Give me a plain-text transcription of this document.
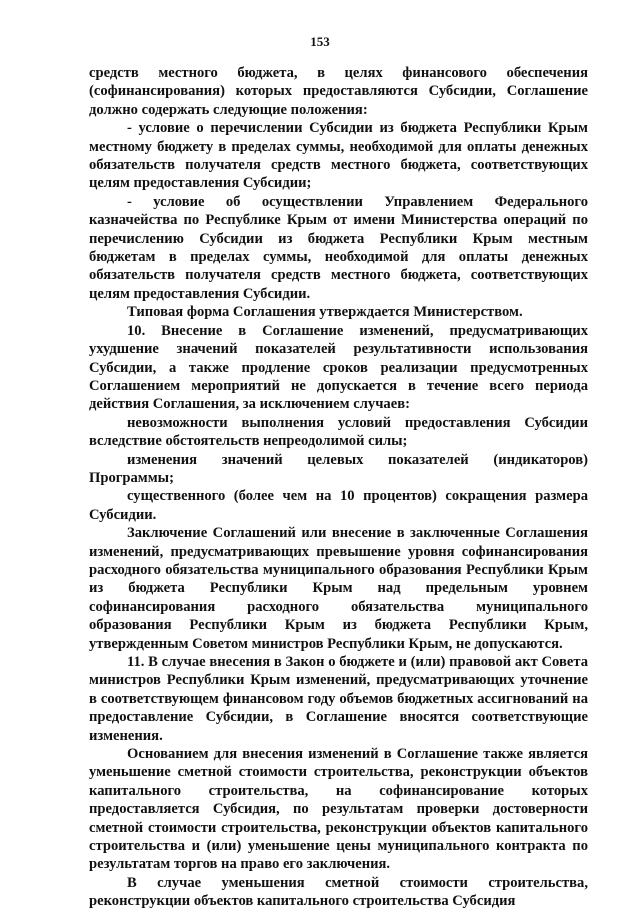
153

средств местного бюджета, в целях финансового обеспечения (софинансирования) которых предоставляются Субсидии, Соглашение должно содержать следующие положения:

- условие о перечислении Субсидии из бюджета Республики Крым местному бюджету в пределах суммы, необходимой для оплаты денежных обязательств получателя средств местного бюджета, соответствующих целям предоставления Субсидии;

- условие об осуществлении Управлением Федерального казначейства по Республике Крым от имени Министерства операций по перечислению Субсидии из бюджета Республики Крым местным бюджетам в пределах суммы, необходимой для оплаты денежных обязательств получателя средств местного бюджета, соответствующих целям предоставления Субсидии.

Типовая форма Соглашения утверждается Министерством.

10. Внесение в Соглашение изменений, предусматривающих ухудшение значений показателей результативности использования Субсидии, а также продление сроков реализации предусмотренных Соглашением мероприятий не допускается в течение всего периода действия Соглашения, за исключением случаев:

невозможности выполнения условий предоставления Субсидии вследствие обстоятельств непреодолимой силы;

изменения значений целевых показателей (индикаторов) Программы;

существенного (более чем на 10 процентов) сокращения размера Субсидии.

Заключение Соглашений или внесение в заключенные Соглашения изменений, предусматривающих превышение уровня софинансирования расходного обязательства муниципального образования Республики Крым из бюджета Республики Крым над предельным уровнем софинансирования расходного обязательства муниципального образования Республики Крым из бюджета Республики Крым, утвержденным Советом министров Республики Крым, не допускаются.

11. В случае внесения в Закон о бюджете и (или) правовой акт Совета министров Республики Крым изменений, предусматривающих уточнение в соответствующем финансовом году объемов бюджетных ассигнований на предоставление Субсидии, в Соглашение вносятся соответствующие изменения.

Основанием для внесения изменений в Соглашение также является уменьшение сметной стоимости строительства, реконструкции объектов капитального строительства, на софинансирование которых предоставляется Субсидия, по результатам проверки достоверности сметной стоимости строительства, реконструкции объектов капитального строительства и (или) уменьшение цены муниципального контракта по результатам торгов на право его заключения.

В случае уменьшения сметной стоимости строительства, реконструкции объектов капитального строительства Субсидия
